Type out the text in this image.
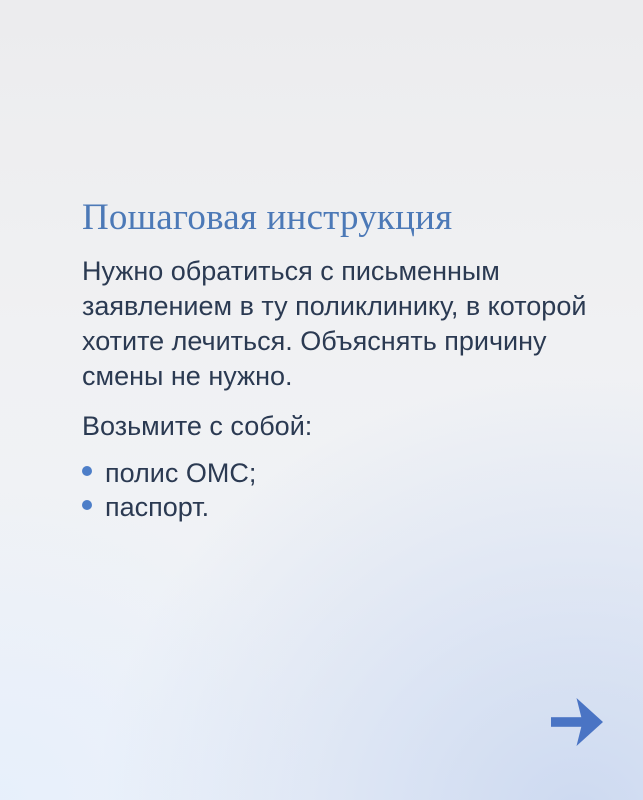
Пошаговая инструкция
Нужно обратиться с письменным
заявлением в ту поликлинику, в которой
хотите лечиться. Объяснять причину
смены не нужно.

Возьмите с собой:

полис ОМС;
паспорт.
